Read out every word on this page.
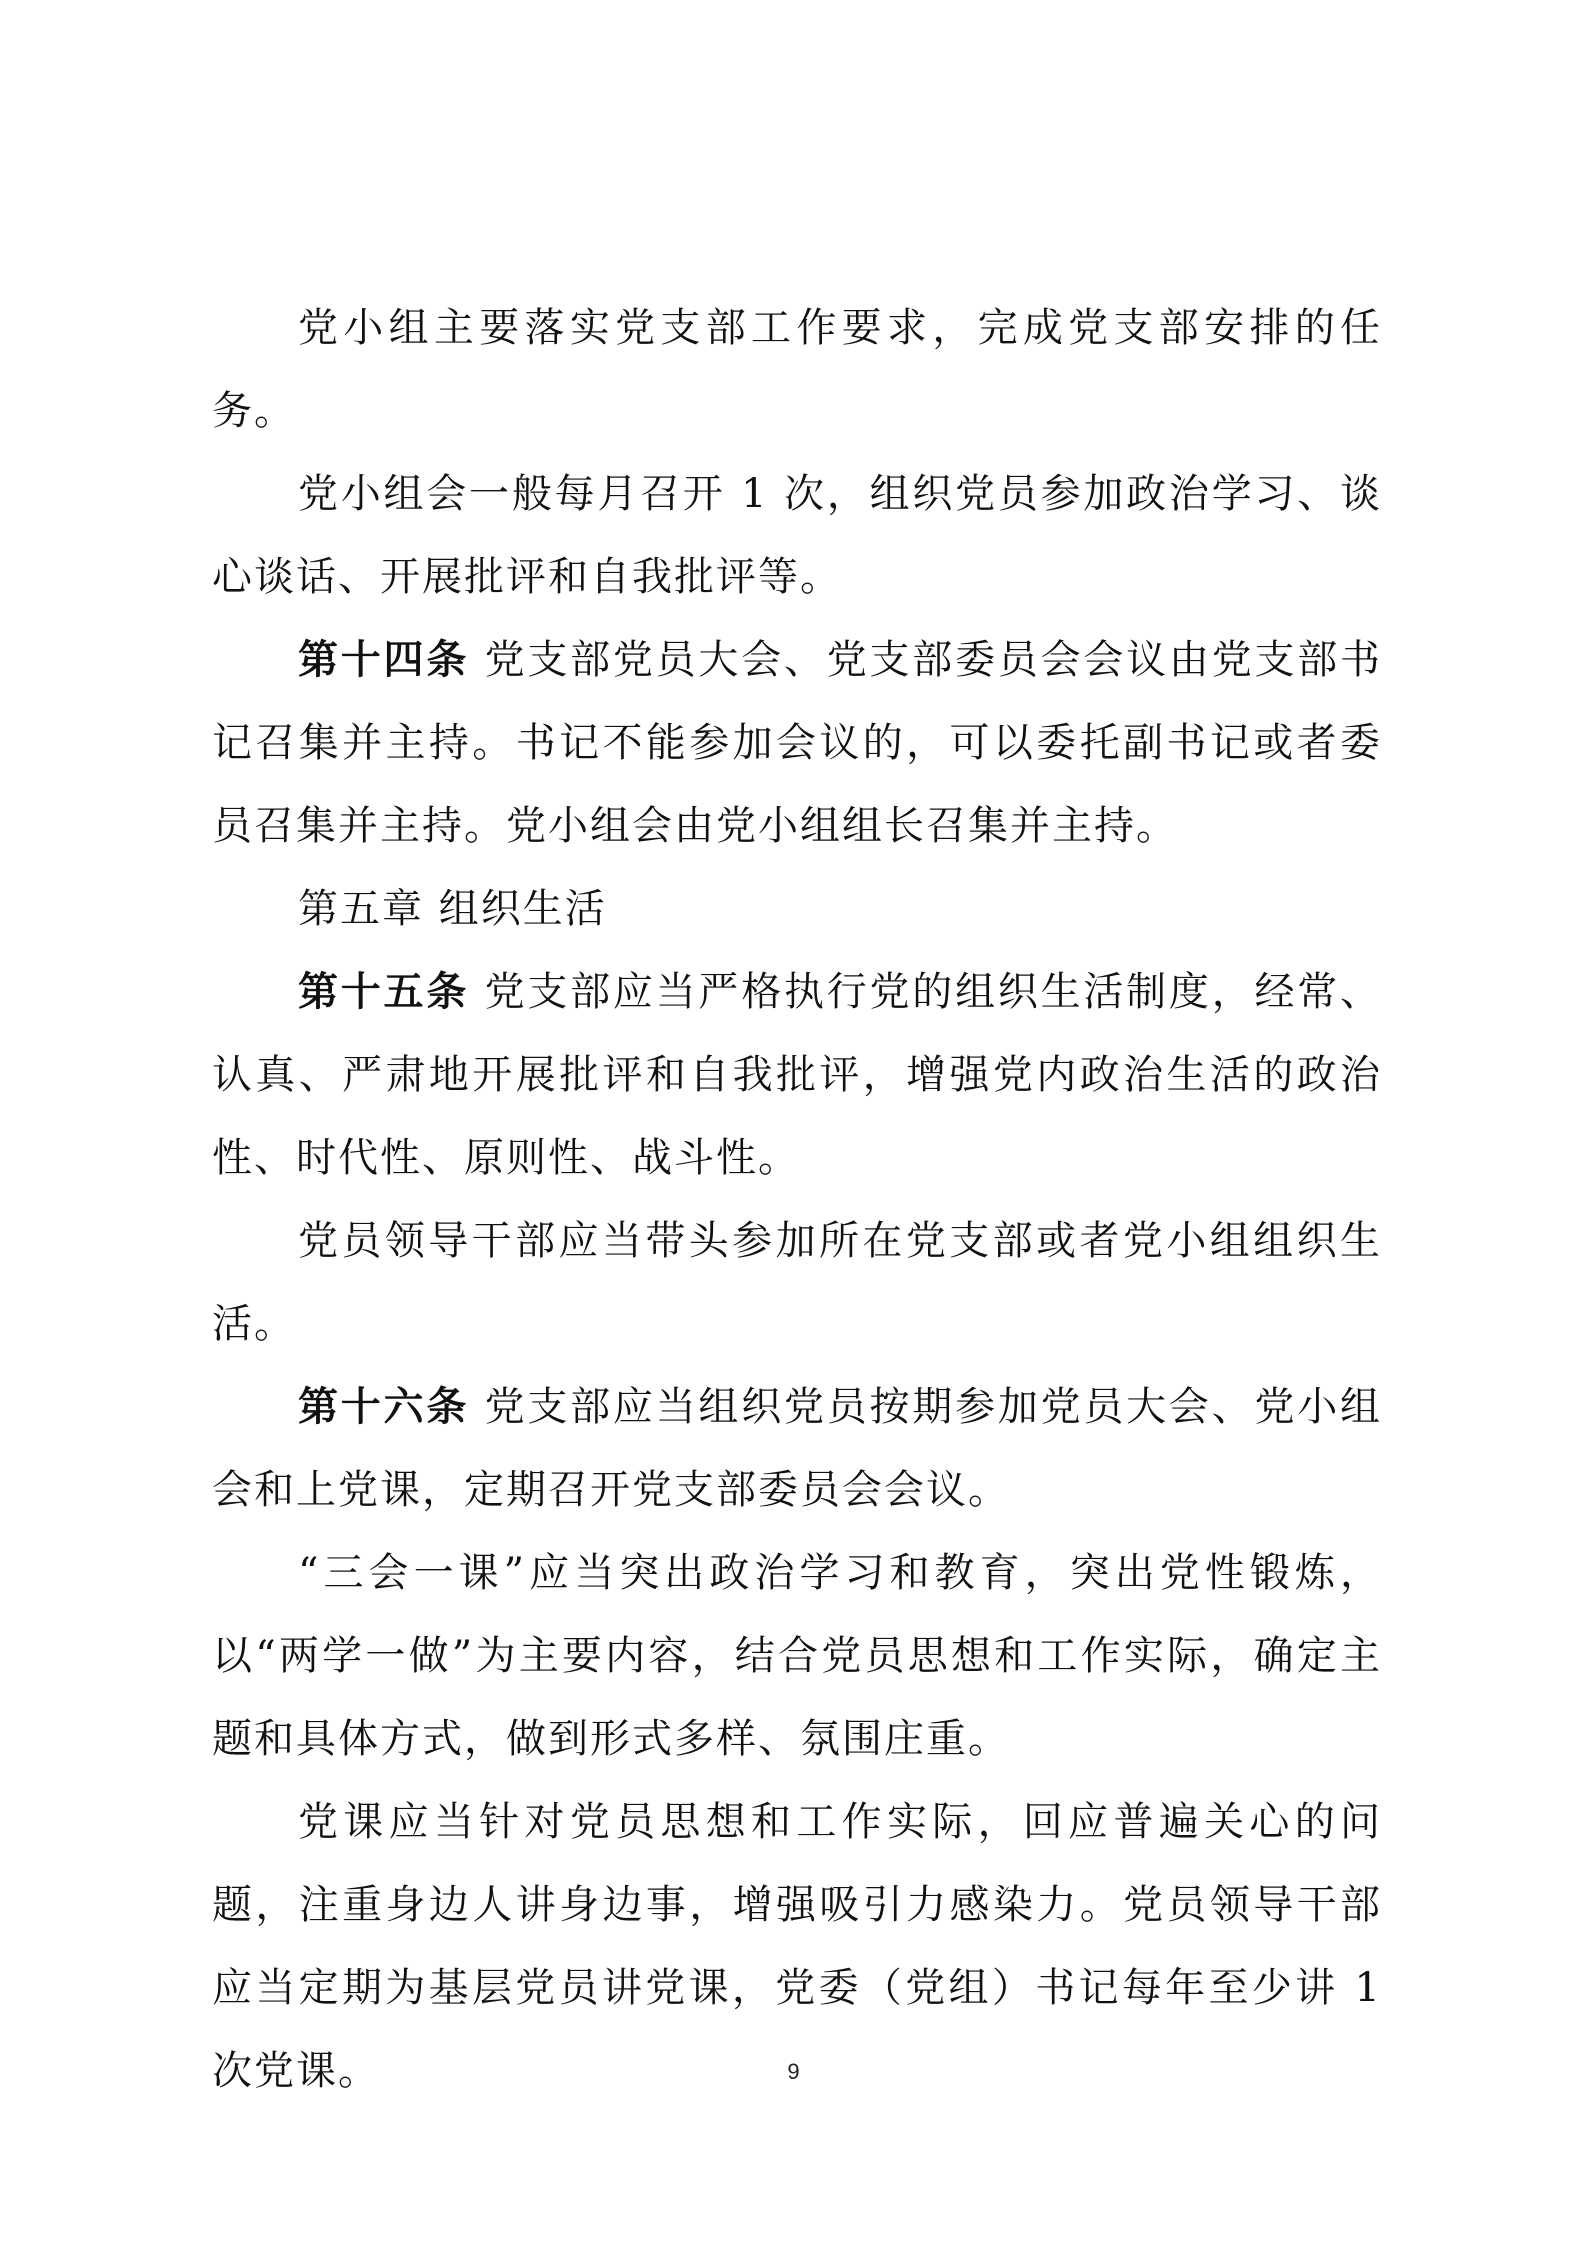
党小组主要落实党支部工作要求，完成党支部安排的任务。

党小组会一般每月召开 1 次，组织党员参加政治学习、谈心谈话、开展批评和自我批评等。

第十四条 党支部党员大会、党支部委员会会议由党支部书记召集并主持。书记不能参加会议的，可以委托副书记或者委员召集并主持。党小组会由党小组组长召集并主持。

第五章 组织生活

第十五条 党支部应当严格执行党的组织生活制度，经常、认真、严肃地开展批评和自我批评，增强党内政治生活的政治性、时代性、原则性、战斗性。

党员领导干部应当带头参加所在党支部或者党小组组织生活。

第十六条 党支部应当组织党员按期参加党员大会、党小组会和上党课，定期召开党支部委员会会议。

“三会一课”应当突出政治学习和教育，突出党性锻炼，以“两学一做”为主要内容，结合党员思想和工作实际，确定主题和具体方式，做到形式多样、氛围庄重。

党课应当针对党员思想和工作实际，回应普遍关心的问题，注重身边人讲身边事，增强吸引力感染力。党员领导干部应当定期为基层党员讲党课，党委（党组）书记每年至少讲 1 次党课。	9
